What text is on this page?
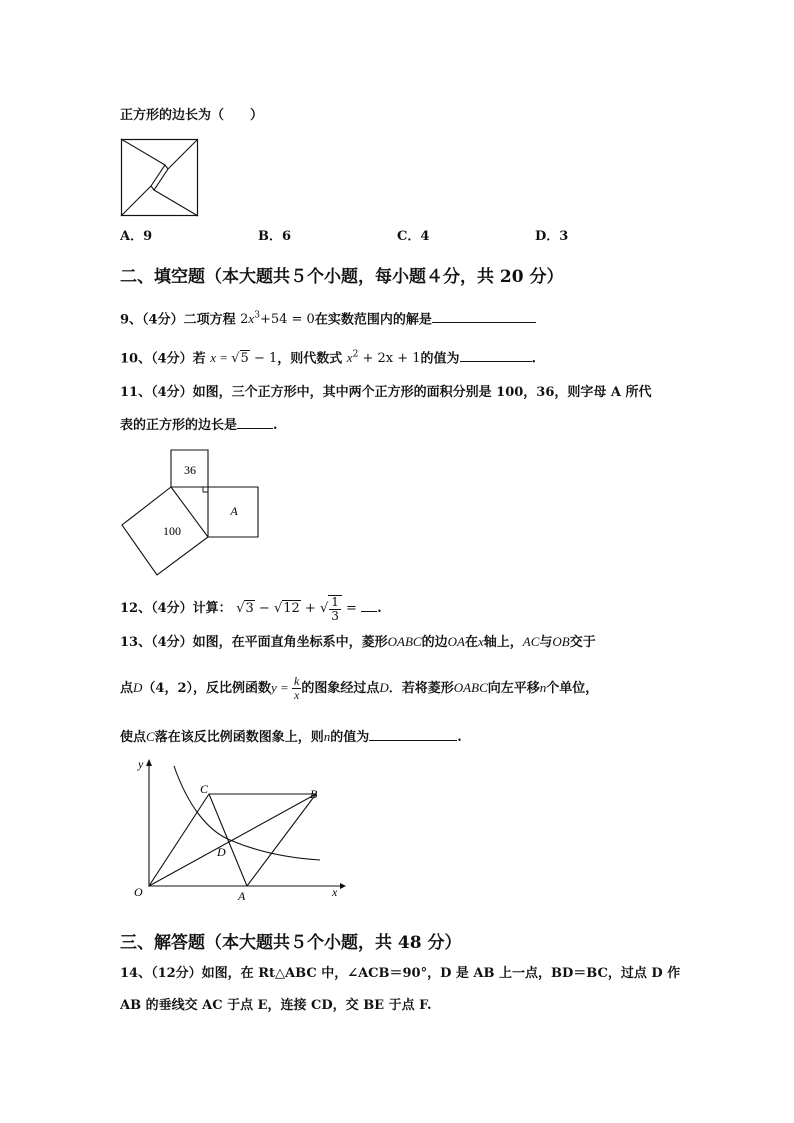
正方形的边长为（　　）
A．9	B．6	C．4	D．3
二、填空题（本大题共５个小题，每小题４分，共 20 分）
9、（4分）二项方程 $2x^3+54 = 0$在实数范围内的解是
10、（4分）若 x = √5 − 1，则代数式 $x^2 + 2x + 1$的值为	.
11、（4分）如图，三个正方形中，其中两个正方形的面积分别是 100，36，则字母 A 所代
表的正方形的边长是	.
36
100
A
12、（4分）计算： √3 − √12 + √ $\frac{1}{3}$ = .
13、（4分）如图，在平面直角坐标系中，菱形OABC的边OA在x轴上，AC与OB交于
点D（4，2），反比例函数$y = \frac{k}{x}$ 的图象经过点D．若将菱形OABC向左平移n个单位，
使点C落在该反比例函数图象上，则n的值为	.
y
x
O	A
B
C
D
三、解答题（本大题共５个小题，共 48 分）
14、（12分）如图，在 Rt△ABC 中，∠ACB＝90°，D 是 AB 上一点，BD＝BC，过点 D 作
AB 的垂线交 AC 于点 E，连接 CD，交 BE 于点 F.
